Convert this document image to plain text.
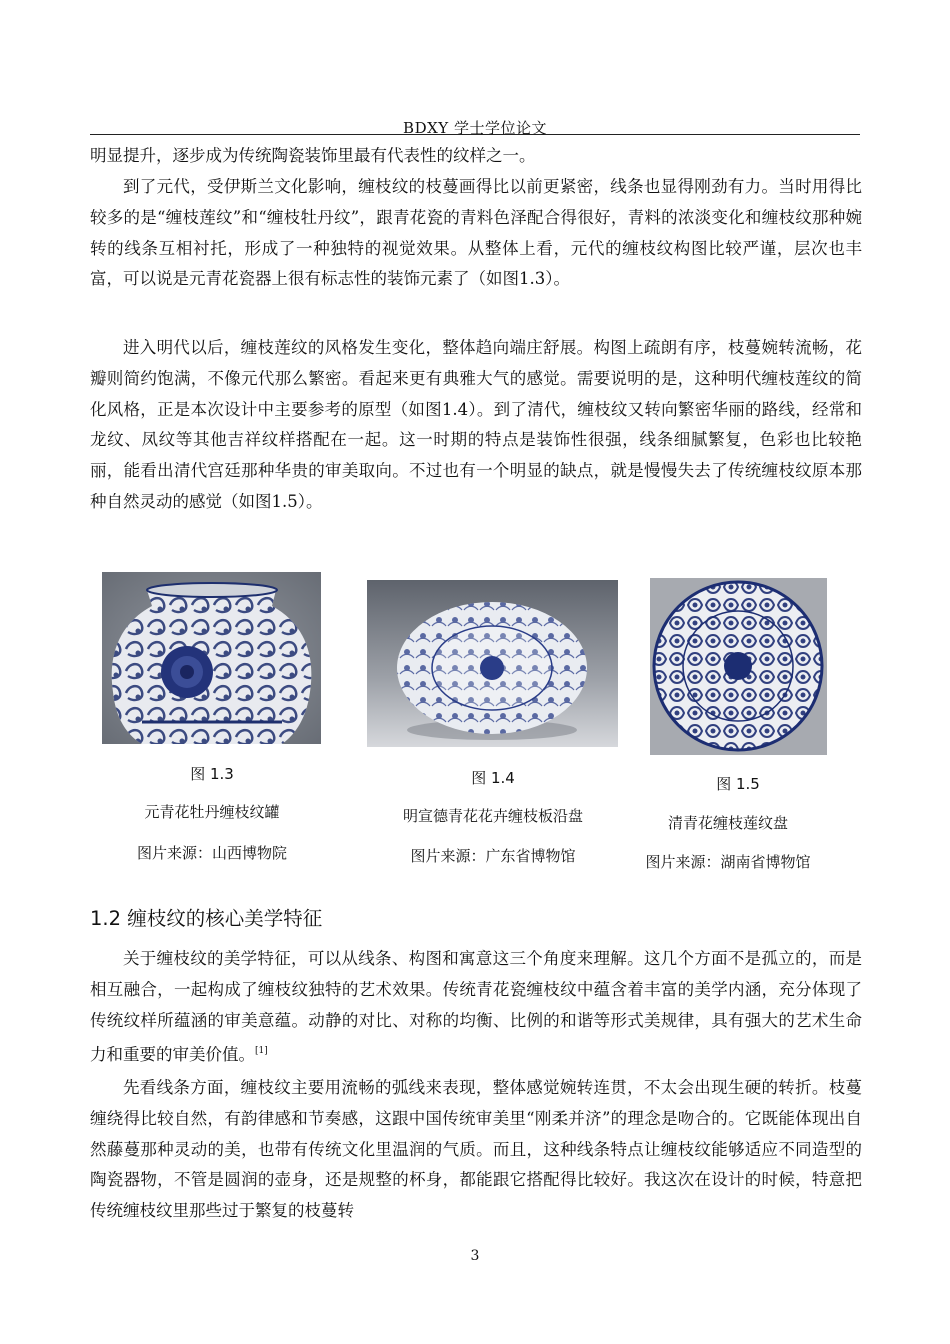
BDXY 学士学位论文

明显提升，逐步成为传统陶瓷装饰里最有代表性的纹样之一。

到了元代，受伊斯兰文化影响，缠枝纹的枝蔓画得比以前更紧密，线条也显得刚劲有力。当时用得比较多的是“缠枝莲纹”和“缠枝牡丹纹”，跟青花瓷的青料色泽配合得很好，青料的浓淡变化和缠枝纹那种婉转的线条互相衬托，形成了一种独特的视觉效果。从整体上看，元代的缠枝纹构图比较严谨，层次也丰富，可以说是元青花瓷器上很有标志性的装饰元素了（如图1.3）。

进入明代以后，缠枝莲纹的风格发生变化，整体趋向端庄舒展。构图上疏朗有序，枝蔓婉转流畅，花瓣则简约饱满，不像元代那么繁密。看起来更有典雅大气的感觉。需要说明的是，这种明代缠枝莲纹的简化风格，正是本次设计中主要参考的原型（如图1.4）。到了清代，缠枝纹又转向繁密华丽的路线，经常和龙纹、凤纹等其他吉祥纹样搭配在一起。这一时期的特点是装饰性很强，线条细腻繁复，色彩也比较艳丽，能看出清代宫廷那种华贵的审美取向。不过也有一个明显的缺点，就是慢慢失去了传统缠枝纹原本那种自然灵动的感觉（如图1.5）。

图 1.3
元青花牡丹缠枝纹罐
图片来源：山西博物院
图 1.4
明宣德青花花卉缠枝板沿盘
图片来源：广东省博物馆
图 1.5
清青花缠枝莲纹盘
图片来源：湖南省博物馆
1.2 缠枝纹的核心美学特征

关于缠枝纹的美学特征，可以从线条、构图和寓意这三个角度来理解。这几个方面不是孤立的，而是相互融合，一起构成了缠枝纹独特的艺术效果。传统青花瓷缠枝纹中蕴含着丰富的美学内涵，充分体现了传统纹样所蕴涵的审美意蕴。动静的对比、对称的均衡、比例的和谐等形式美规律，具有强大的艺术生命力和重要的审美价值。[1]

先看线条方面，缠枝纹主要用流畅的弧线来表现，整体感觉婉转连贯，不太会出现生硬的转折。枝蔓缠绕得比较自然，有韵律感和节奏感，这跟中国传统审美里“刚柔并济”的理念是吻合的。它既能体现出自然藤蔓那种灵动的美，也带有传统文化里温润的气质。而且，这种线条特点让缠枝纹能够适应不同造型的陶瓷器物，不管是圆润的壶身，还是规整的杯身，都能跟它搭配得比较好。我这次在设计的时候，特意把传统缠枝纹里那些过于繁复的枝蔓转

3
